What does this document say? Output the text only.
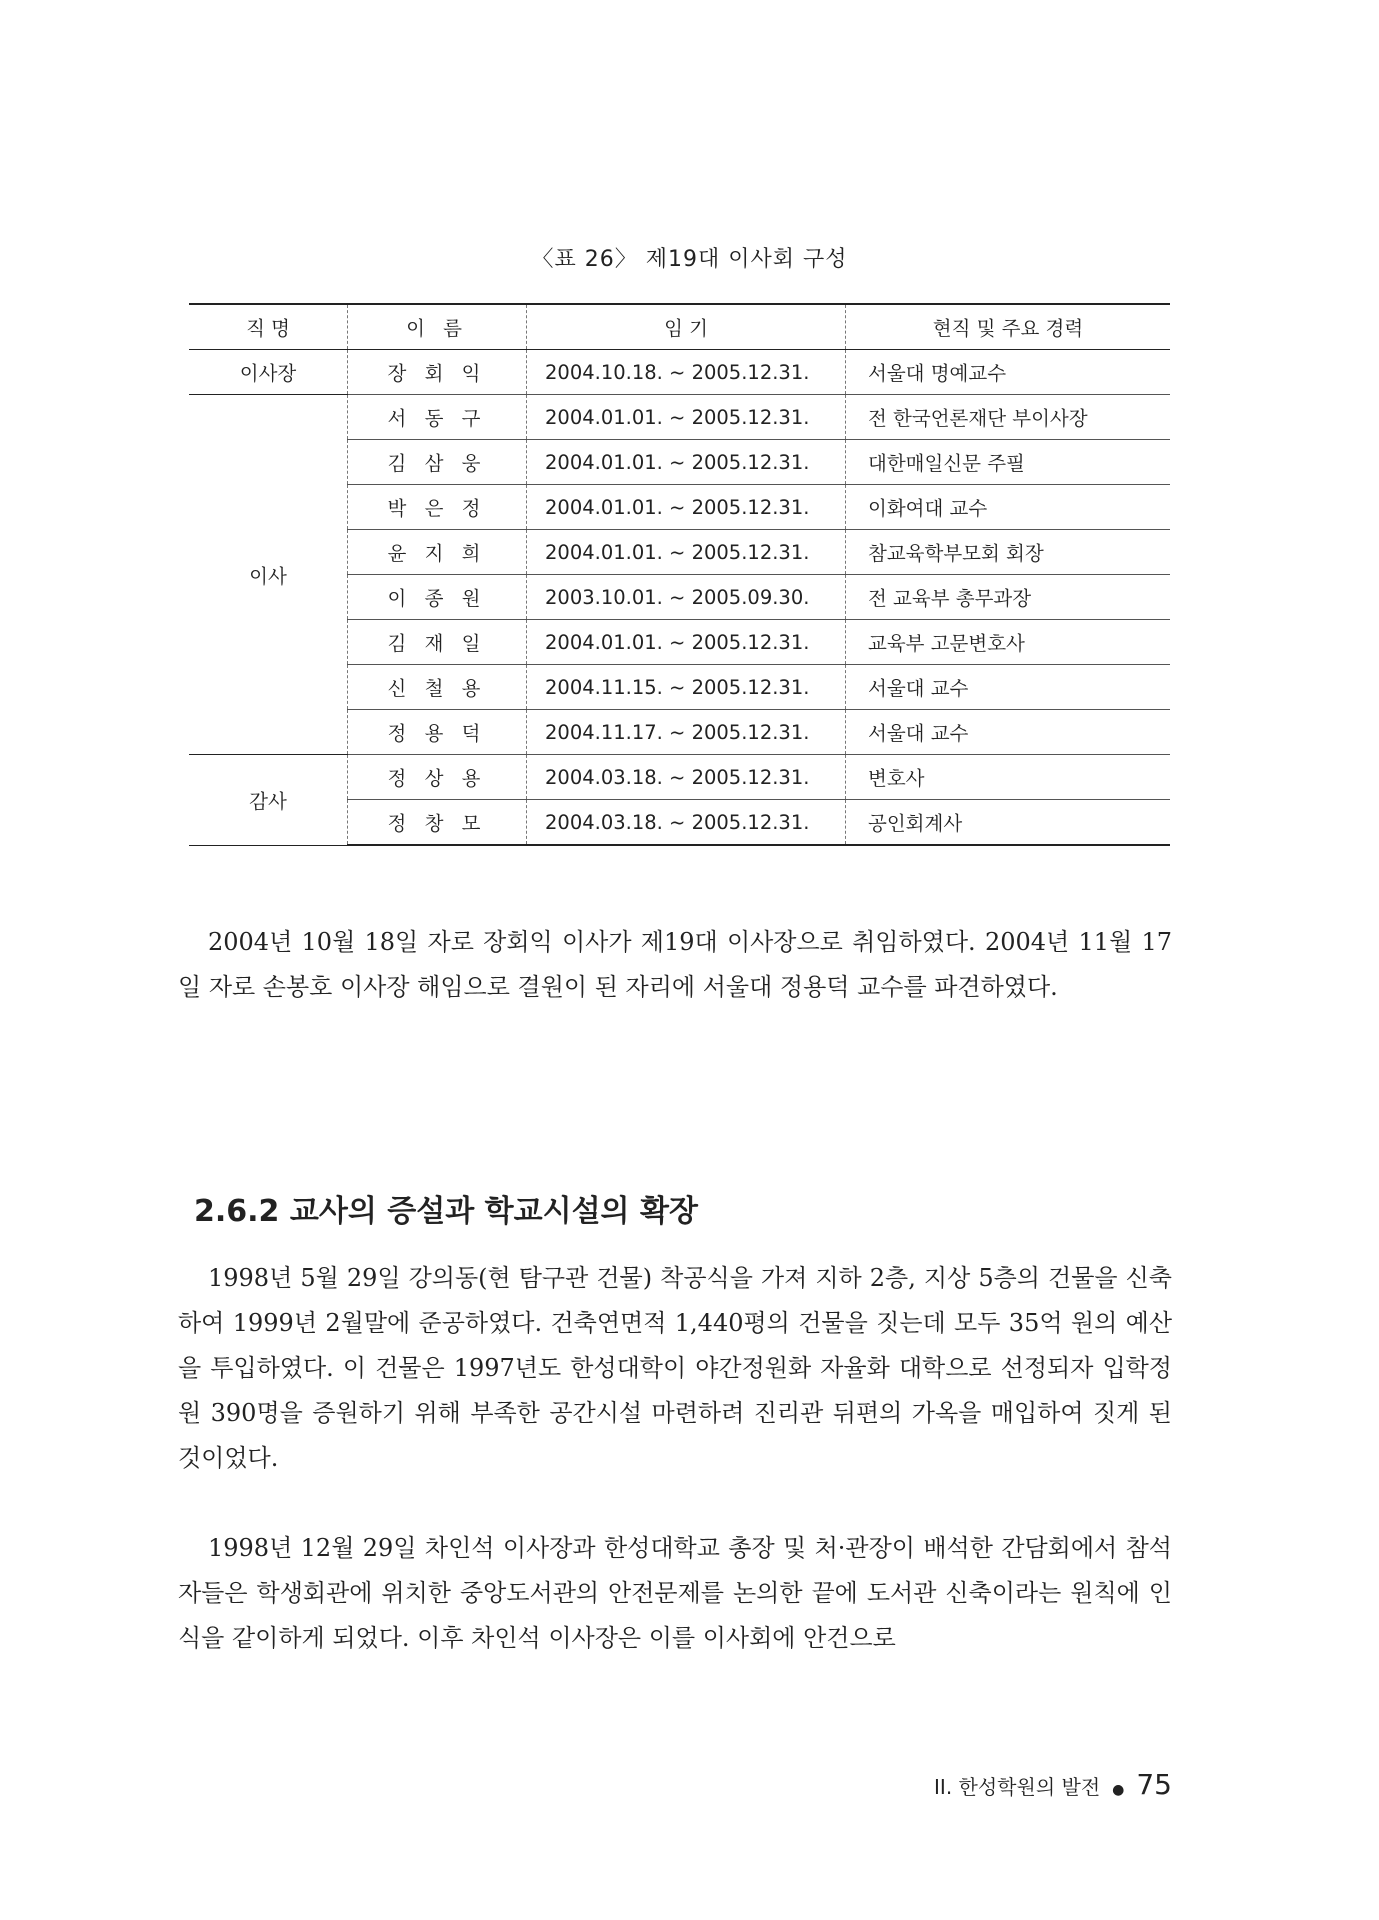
〈표 26〉 제19대 이사회 구성
직 명	이 름	임 기	현직 및 주요 경력
이사장	장 회 익	2004.10.18. ~ 2005.12.31.	서울대 명예교수
이사	서 동 구	2004.01.01. ~ 2005.12.31.	전 한국언론재단 부이사장
	김 삼 웅	2004.01.01. ~ 2005.12.31.	대한매일신문 주필
	박 은 정	2004.01.01. ~ 2005.12.31.	이화여대 교수
	윤 지 희	2004.01.01. ~ 2005.12.31.	참교육학부모회 회장
	이 종 원	2003.10.01. ~ 2005.09.30.	전 교육부 총무과장
	김 재 일	2004.01.01. ~ 2005.12.31.	교육부 고문변호사
	신 철 용	2004.11.15. ~ 2005.12.31.	서울대 교수
	정 용 덕	2004.11.17. ~ 2005.12.31.	서울대 교수
감사	정 상 용	2004.03.18. ~ 2005.12.31.	변호사
	정 창 모	2004.03.18. ~ 2005.12.31.	공인회계사

2004년 10월 18일 자로 장회익 이사가 제19대 이사장으로 취임하였다. 2004년 11월 17일 자로 손봉호 이사장 해임으로 결원이 된 자리에 서울대 정용덕 교수를 파견하였다.

2.6.2 교사의 증설과 학교시설의 확장

1998년 5월 29일 강의동(현 탐구관 건물) 착공식을 가져 지하 2층, 지상 5층의 건물을 신축하여 1999년 2월말에 준공하였다. 건축연면적 1,440평의 건물을 짓는데 모두 35억 원의 예산을 투입하였다. 이 건물은 1997년도 한성대학이 야간정원화 자율화 대학으로 선정되자 입학정원 390명을 증원하기 위해 부족한 공간시설 마련하려 진리관 뒤편의 가옥을 매입하여 짓게 된 것이었다.

1998년 12월 29일 차인석 이사장과 한성대학교 총장 및 처·관장이 배석한 간담회에서 참석자들은 학생회관에 위치한 중앙도서관의 안전문제를 논의한 끝에 도서관 신축이라는 원칙에 인식을 같이하게 되었다. 이후 차인석 이사장은 이를 이사회에 안건으로

II. 한성학원의 발전 ● 75
